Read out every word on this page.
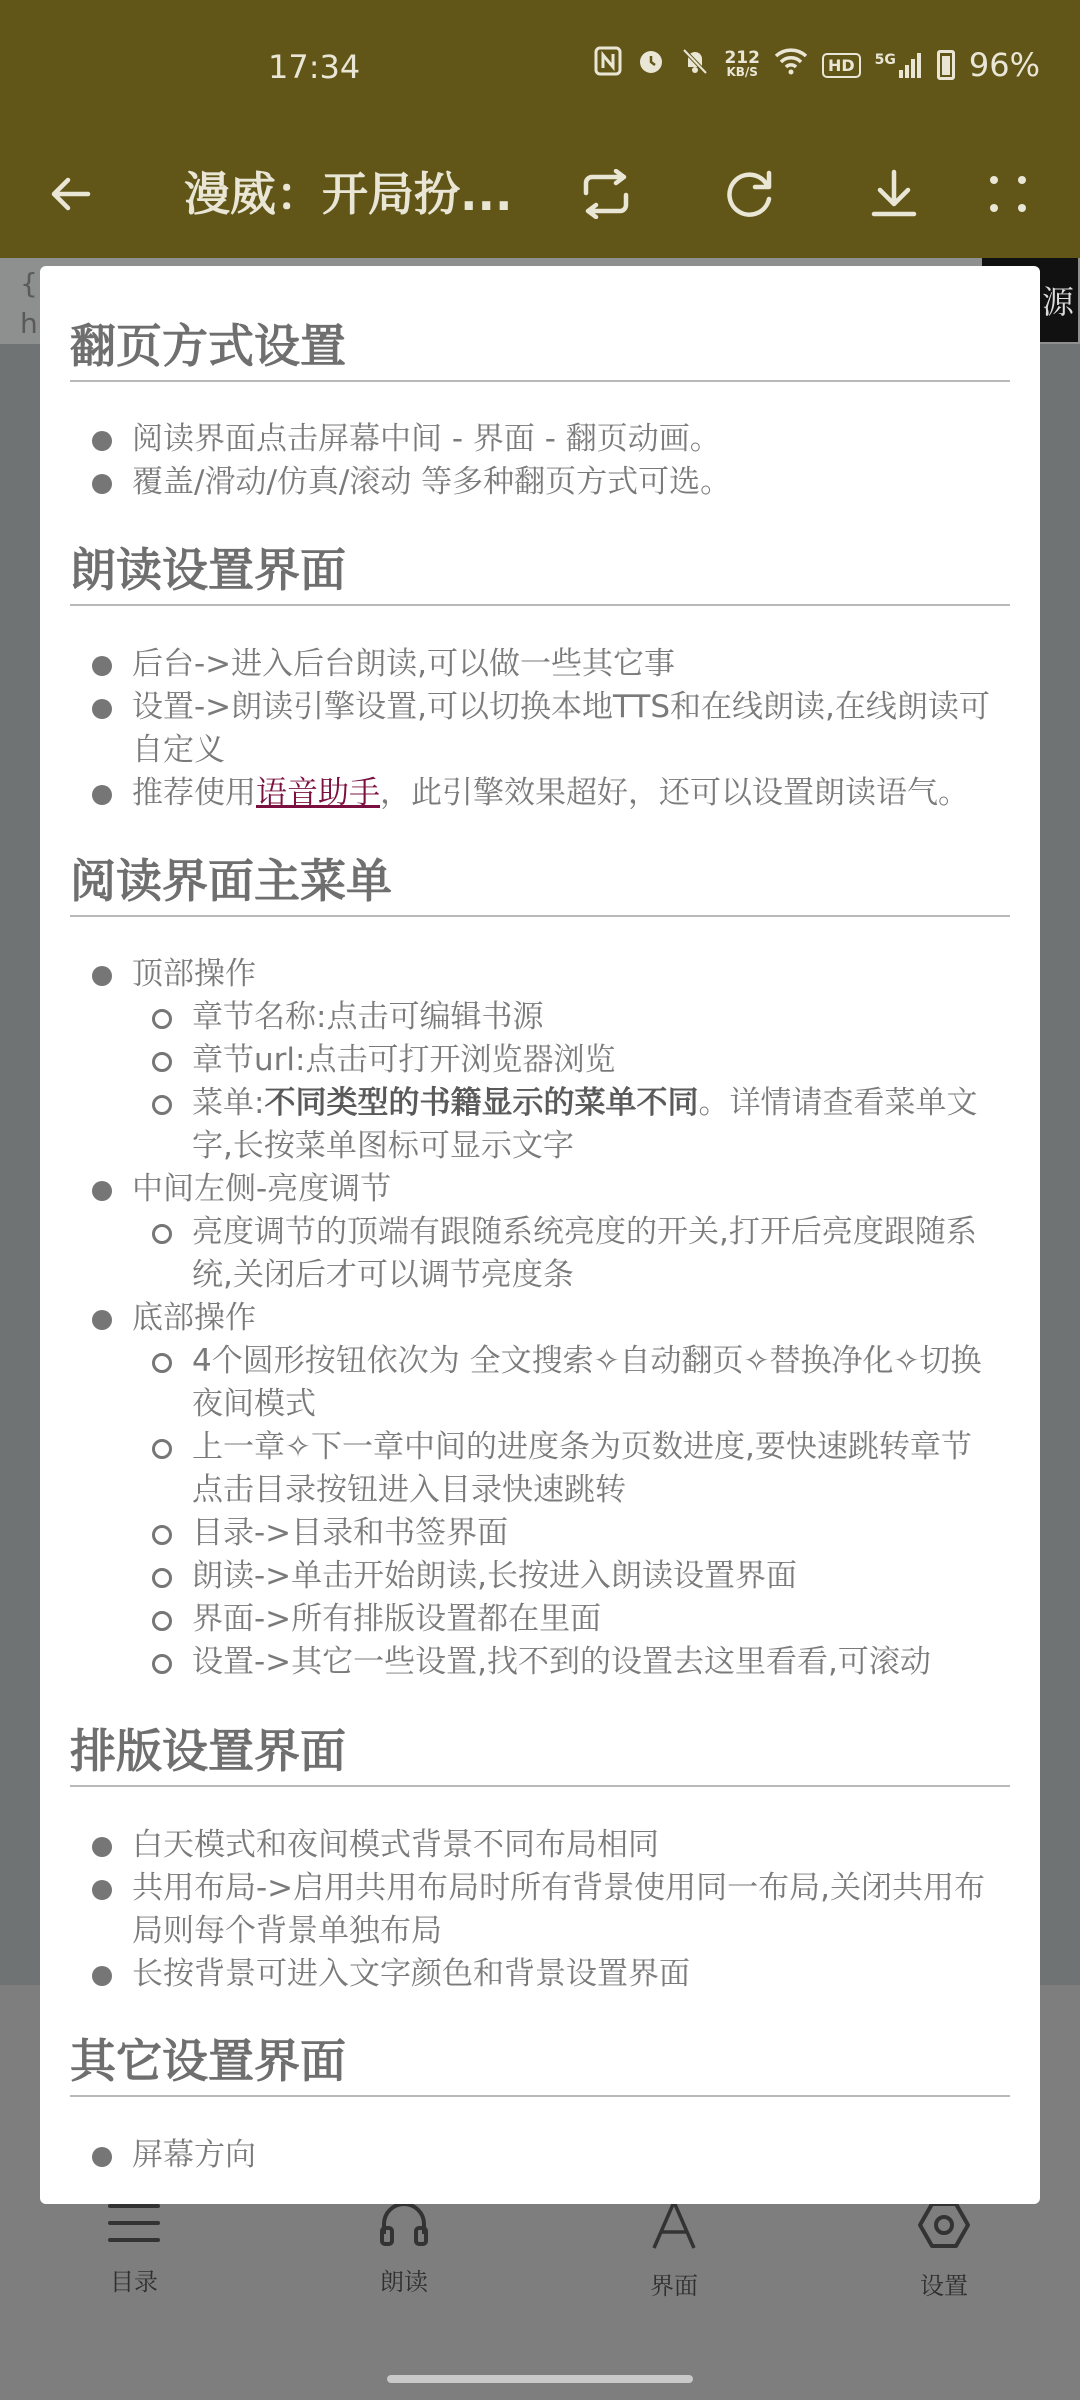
17:34	212
KB/S	HD	5G 96%
漫威：开局扮...
{
h
源
目录	朗读	界面	设置
翻页方式设置
阅读界面点击屏幕中间 - 界面 - 翻页动画。
覆盖/滑动/仿真/滚动 等多种翻页方式可选。
朗读设置界面
后台->进入后台朗读,可以做一些其它事
设置->朗读引擎设置,可以切换本地TTS和在线朗读,在线朗读可
自定义
推荐使用语音助手，此引擎效果超好，还可以设置朗读语气。
阅读界面主菜单
顶部操作
章节名称:点击可编辑书源
章节url:点击可打开浏览器浏览
菜单:不同类型的书籍显示的菜单不同。详情请查看菜单文
字,长按菜单图标可显示文字
中间左侧-亮度调节
亮度调节的顶端有跟随系统亮度的开关,打开后亮度跟随系
统,关闭后才可以调节亮度条
底部操作
4个圆形按钮依次为 全文搜索✧自动翻页✧替换净化✧切换
夜间模式
上一章✧下一章中间的进度条为页数进度,要快速跳转章节
点击目录按钮进入目录快速跳转
目录->目录和书签界面
朗读->单击开始朗读,长按进入朗读设置界面
界面->所有排版设置都在里面
设置->其它一些设置,找不到的设置去这里看看,可滚动
排版设置界面
白天模式和夜间模式背景不同布局相同
共用布局->启用共用布局时所有背景使用同一布局,关闭共用布
局则每个背景单独布局
长按背景可进入文字颜色和背景设置界面
其它设置界面
屏幕方向
